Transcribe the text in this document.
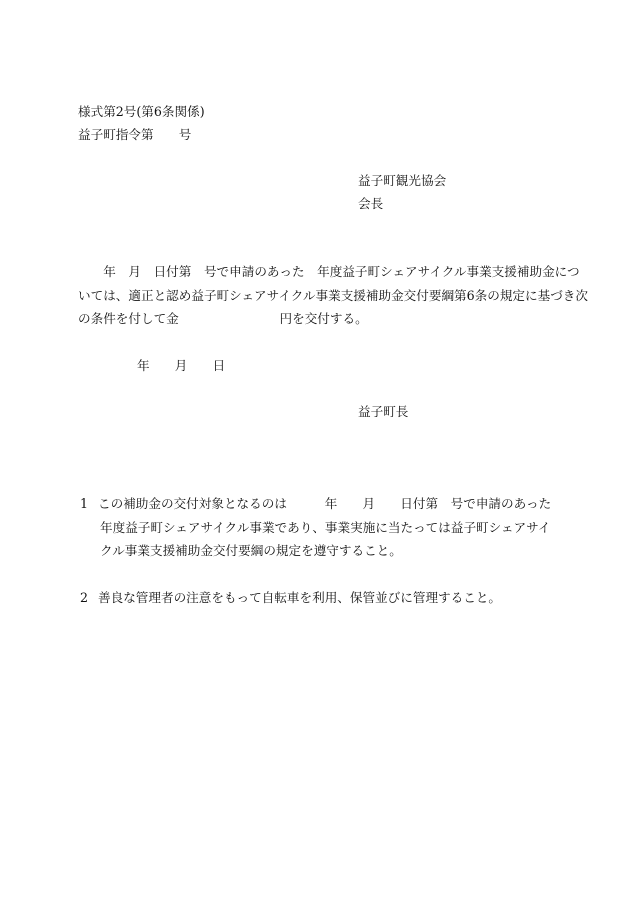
様式第2号(第6条関係)
益子町指令第　　号
益子町観光協会
会長
　　年　月　日付第　号で申請のあった　年度益子町シェアサイクル事業支援補助金につ
いては、適正と認め益子町シェアサイクル事業支援補助金交付要綱第6条の規定に基づき次
の条件を付して金　　　　　　　　円を交付する。
年　　月　　日
益子町長
1 この補助金の交付対象となるのは　　　年　　月　　日付第　号で申請のあった
年度益子町シェアサイクル事業であり、事業実施に当たっては益子町シェアサイ
クル事業支援補助金交付要綱の規定を遵守すること。
2 善良な管理者の注意をもって自転車を利用、保管並びに管理すること。
